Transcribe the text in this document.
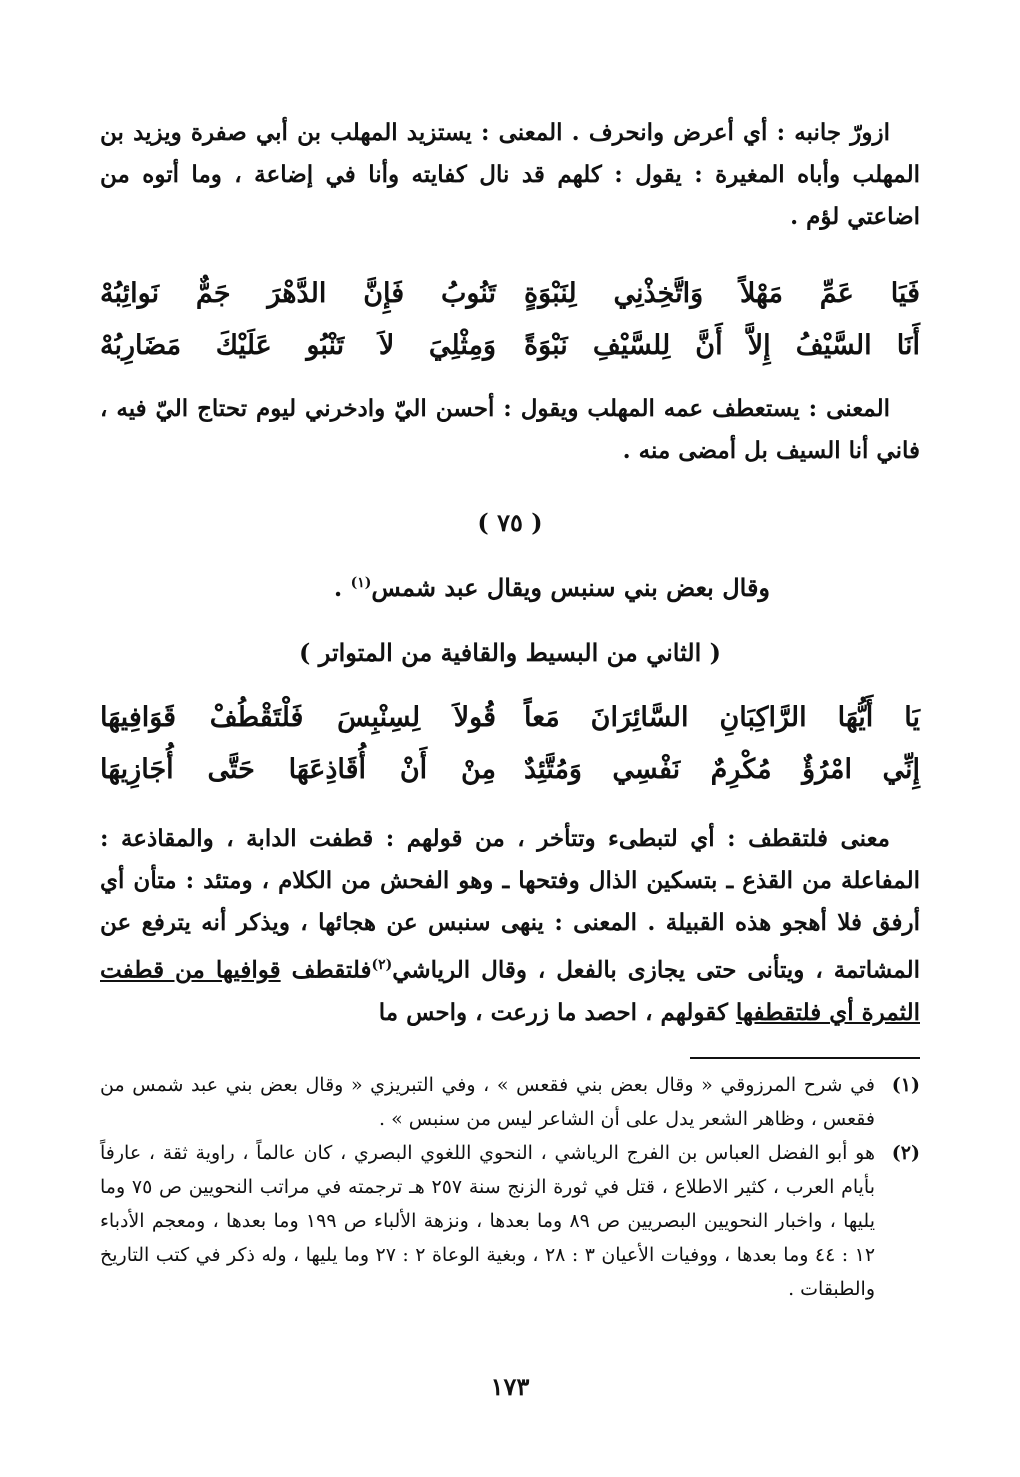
ازورّ جانبه : أي أعرض وانحرف . المعنى : يستزيد المهلب بن أبي صفرة ويزيد بن المهلب وأباه المغيرة : يقول : كلهم قد نال كفايته وأنا في إضاعة ، وما أتوه من اضاعتي لؤم .

فَيَا عَمِّ مَهْلاً وَاتَّخِذْنِي لِنَبْوَةٍ
تَنُوبُ فَإِنَّ الدَّهْرَ جَمٌّ نَوائِبُهْ
أَنَا السَّيْفُ إِلاَّ أَنَّ لِلسَّيْفِ نَبْوَةً
وَمِثْلِيَ لاَ تَنْبُو عَلَيْكَ مَضَارِبُهْ

المعنى : يستعطف عمه المهلب ويقول : أحسن اليّ وادخرني ليوم تحتاج اليّ فيه ، فاني أنا السيف بل أمضى منه .

( ٧٥ )
وقال بعض بني سنبس ويقال عبد شمس$^{(١)}$ .
( الثاني من البسيط والقافية من المتواتر )
يَا أَيُّهَا الرَّاكِبَانِ السَّائِرَانَ مَعاً
قُولاَ لِسِنْبِسَ فَلْتَقْطُفْ قَوَافِيهَا
إِنِّي امْرُؤٌ مُكْرِمٌ نَفْسِي وَمُتَّئِدٌ
مِنْ أَنْ أُقَاذِعَهَا حَتَّى أُجَازِيهَا

معنى فلتقطف : أي لتبطىء وتتأخر ، من قولهم : قطفت الدابة ، والمقاذعة : المفاعلة من القذع ـ بتسكين الذال وفتحها ـ وهو الفحش من الكلام ، ومتئد : متأن أي أرفق فلا أهجو هذه القبيلة . المعنى : ينهى سنبس عن هجائها ، ويذكر أنه يترفع عن المشاتمة ، ويتأنى حتى يجازى بالفعل ، وقال الرياشي$^{(٢)}$فلتقطف قوافيها من قطفت الثمرة أي فلتقطفها كقولهم ، احصد ما زرعت ، واحس ما

(١)
في شرح المرزوقي « وقال بعض بني فقعس » ، وفي التبريزي « وقال بعض بني عبد شمس من فقعس ، وظاهر الشعر يدل على أن الشاعر ليس من سنبس » .
(٢)
هو أبو الفضل العباس بن الفرج الرياشي ، النحوي اللغوي البصري ، كان عالماً ، راوية ثقة ، عارفاً بأيام العرب ، كثير الاطلاع ، قتل في ثورة الزنج سنة ٢٥٧ هـ ترجمته في مراتب النحويين ص ٧٥ وما يليها ، واخبار النحويين البصريين ص ٨٩ وما بعدها ، ونزهة الألباء ص ١٩٩ وما بعدها ، ومعجم الأدباء ١٢ : ٤٤ وما بعدها ، ووفيات الأعيان ٣ : ٢٨ ، وبغية الوعاة ٢ : ٢٧ وما يليها ، وله ذكر في كتب التاريخ والطبقات .
١٧٣
